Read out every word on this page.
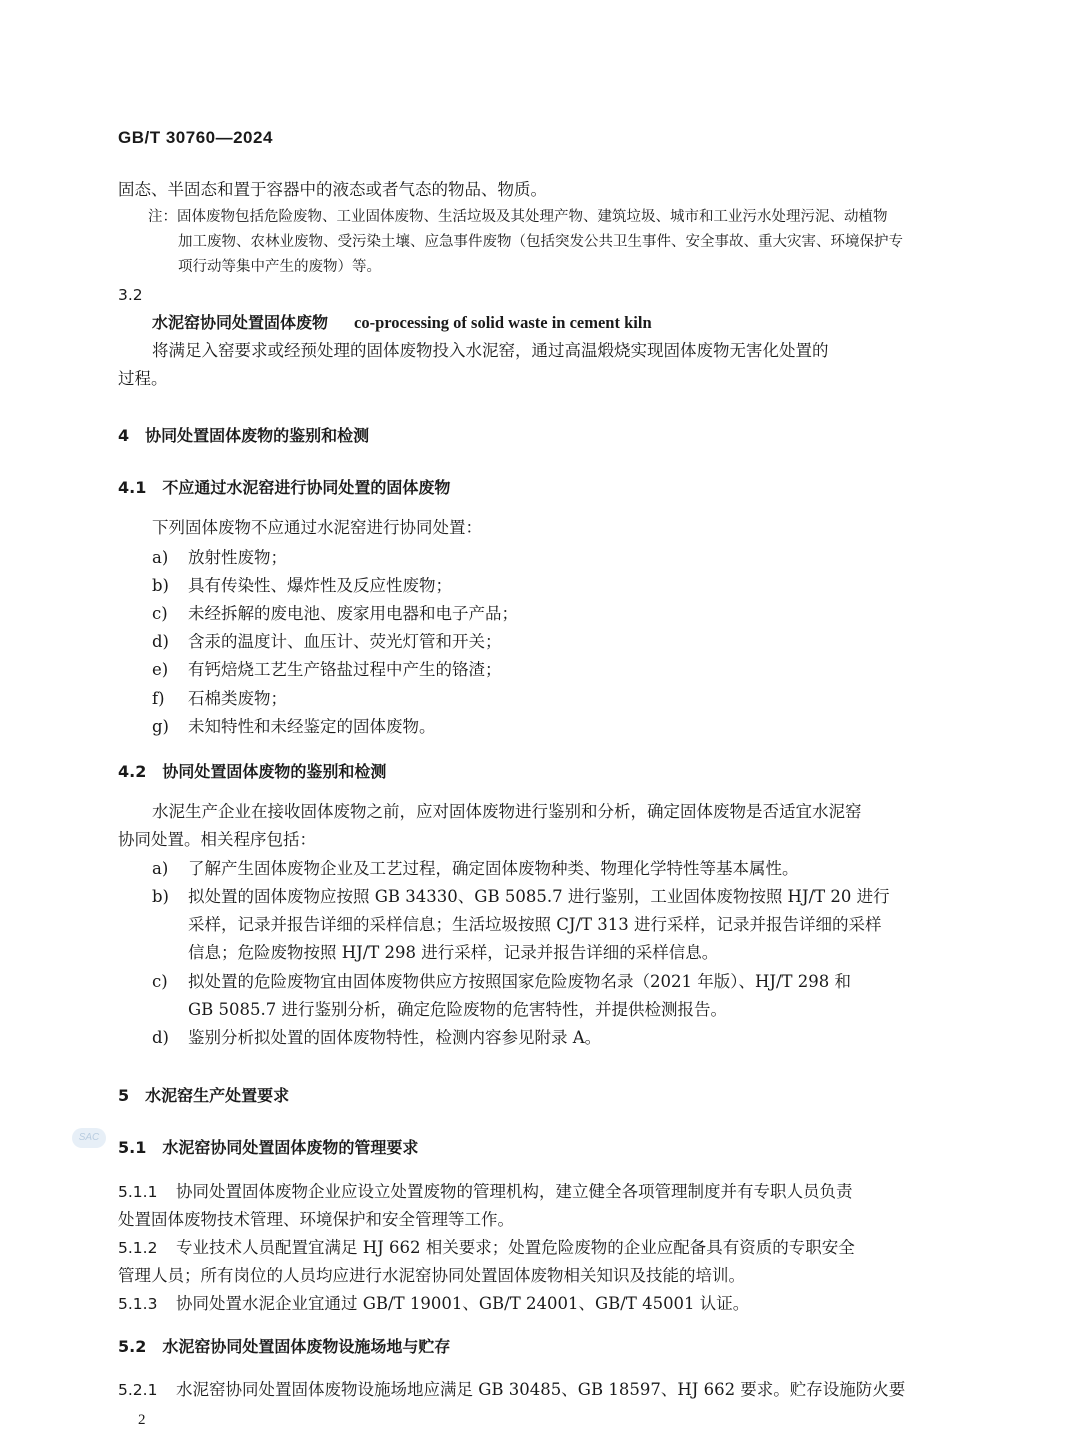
GB/T 30760—2024
固态、半固态和置于容器中的液态或者气态的物品、物质。
注：固体废物包括危险废物、工业固体废物、生活垃圾及其处理产物、建筑垃圾、城市和工业污水处理污泥、动植物
加工废物、农林业废物、受污染土壤、应急事件废物（包括突发公共卫生事件、安全事故、重大灾害、环境保护专
项行动等集中产生的废物）等。
3.2
水泥窑协同处置固体废物 co-processing of solid waste in cement kiln
将满足入窑要求或经预处理的固体废物投入水泥窑，通过高温煅烧实现固体废物无害化处置的
过程。
4　协同处置固体废物的鉴别和检测
4.1　不应通过水泥窑进行协同处置的固体废物
下列固体废物不应通过水泥窑进行协同处置：
a) 放射性废物；
b) 具有传染性、爆炸性及反应性废物；
c) 未经拆解的废电池、废家用电器和电子产品；
d) 含汞的温度计、血压计、荧光灯管和开关；
e) 有钙焙烧工艺生产铬盐过程中产生的铬渣；
f) 石棉类废物；
g) 未知特性和未经鉴定的固体废物。
4.2　协同处置固体废物的鉴别和检测
水泥生产企业在接收固体废物之前，应对固体废物进行鉴别和分析，确定固体废物是否适宜水泥窑
协同处置。相关程序包括：
a) 了解产生固体废物企业及工艺过程，确定固体废物种类、物理化学特性等基本属性。
b) 拟处置的固体废物应按照 GB 34330、GB 5085.7 进行鉴别，工业固体废物按照 HJ/T 20 进行
采样，记录并报告详细的采样信息；生活垃圾按照 CJ/T 313 进行采样，记录并报告详细的采样
信息；危险废物按照 HJ/T 298 进行采样，记录并报告详细的采样信息。
c) 拟处置的危险废物宜由固体废物供应方按照国家危险废物名录（2021 年版）、HJ/T 298 和
GB 5085.7 进行鉴别分析，确定危险废物的危害特性，并提供检测报告。
d) 鉴别分析拟处置的固体废物特性，检测内容参见附录 A。
5　水泥窑生产处置要求
SAC
5.1　水泥窑协同处置固体废物的管理要求
5.1.1 协同处置固体废物企业应设立处置废物的管理机构，建立健全各项管理制度并有专职人员负责
处置固体废物技术管理、环境保护和安全管理等工作。
5.1.2 专业技术人员配置宜满足 HJ 662 相关要求；处置危险废物的企业应配备具有资质的专职安全
管理人员；所有岗位的人员均应进行水泥窑协同处置固体废物相关知识及技能的培训。
5.1.3 协同处置水泥企业宜通过 GB/T 19001、GB/T 24001、GB/T 45001 认证。
5.2　水泥窑协同处置固体废物设施场地与贮存
5.2.1 水泥窑协同处置固体废物设施场地应满足 GB 30485、GB 18597、HJ 662 要求。贮存设施防火要
2
